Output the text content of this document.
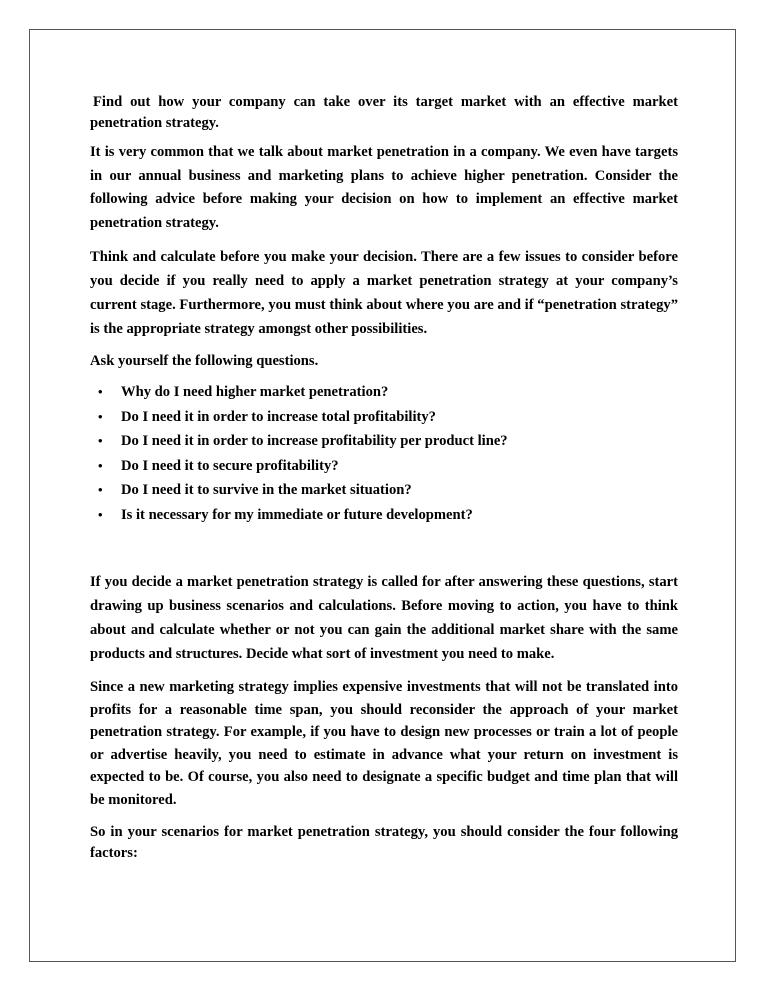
Find out how your company can take over its target market with an effective market penetration strategy.

It is very common that we talk about market penetration in a company. We even have targets in our annual business and marketing plans to achieve higher penetration. Consider the following advice before making your decision on how to implement an effective market penetration strategy.

Think and calculate before you make your decision. There are a few issues to consider before you decide if you really need to apply a market penetration strategy at your company’s current stage. Furthermore, you must think about where you are and if “penetration strategy” is the appropriate strategy amongst other possibilities.

Ask yourself the following questions.

• Why do I need higher market penetration?
• Do I need it in order to increase total profitability?
• Do I need it in order to increase profitability per product line?
• Do I need it to secure profitability?
• Do I need it to survive in the market situation?
• Is it necessary for my immediate or future development?

If you decide a market penetration strategy is called for after answering these questions, start drawing up business scenarios and calculations. Before moving to action, you have to think about and calculate whether or not you can gain the additional market share with the same products and structures. Decide what sort of investment you need to make.

Since a new marketing strategy implies expensive investments that will not be translated into profits for a reasonable time span, you should reconsider the approach of your market penetration strategy. For example, if you have to design new processes or train a lot of people or advertise heavily, you need to estimate in advance what your return on investment is expected to be. Of course, you also need to designate a specific budget and time plan that will be monitored.

So in your scenarios for market penetration strategy, you should consider the four following factors:
